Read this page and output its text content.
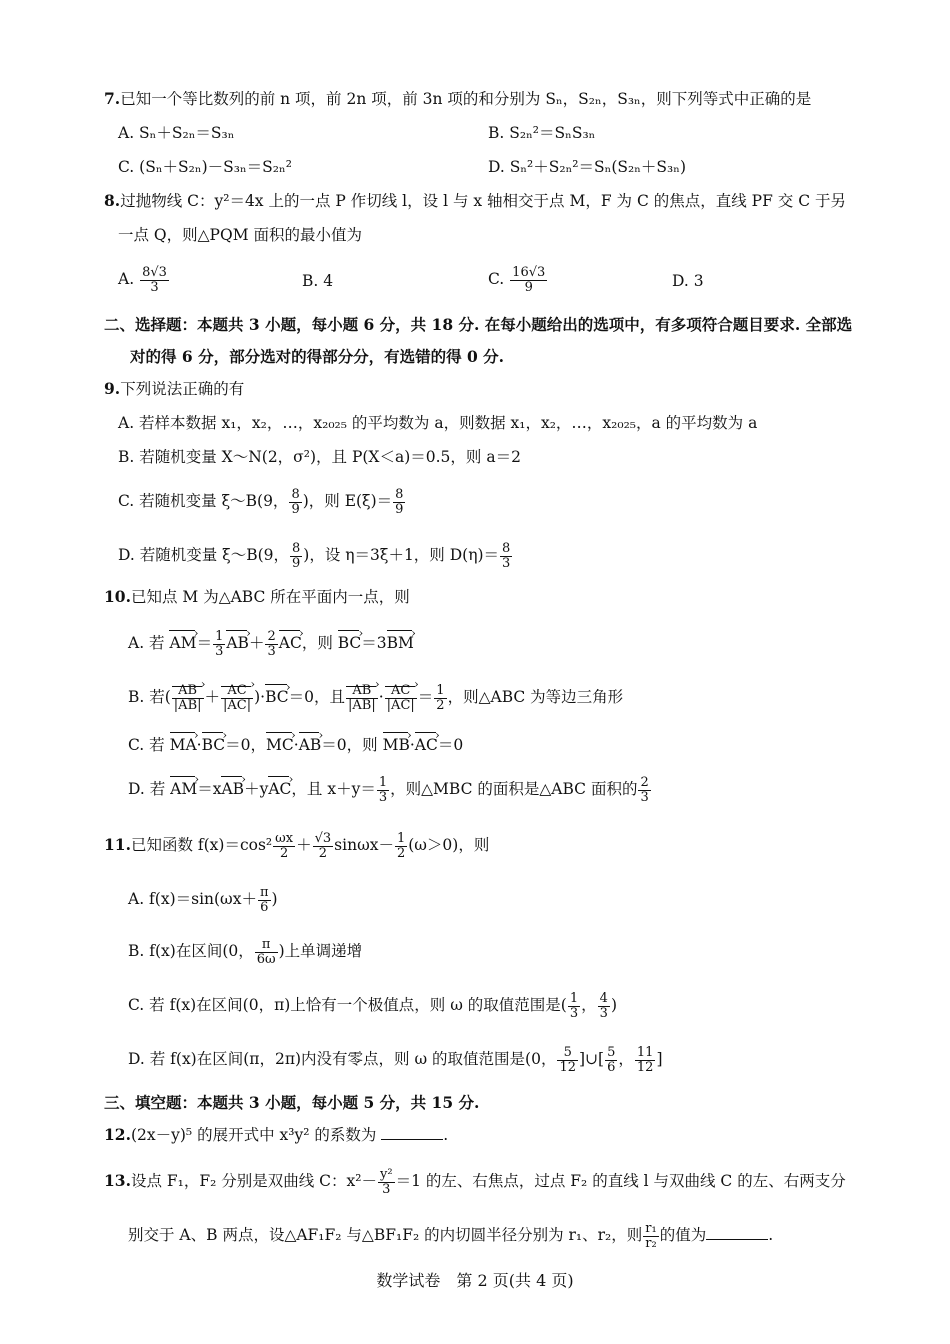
7.已知一个等比数列的前 n 项，前 2n 项，前 3n 项的和分别为 Sₙ，S₂ₙ，S₃ₙ，则下列等式中正确的是
A. Sₙ＋S₂ₙ＝S₃ₙ	B. S₂ₙ²＝SₙS₃ₙ
C. (Sₙ＋S₂ₙ)－S₃ₙ＝S₂ₙ²	D. Sₙ²＋S₂ₙ²＝Sₙ(S₂ₙ＋S₃ₙ)
8.过抛物线 C：y²＝4x 上的一点 P 作切线 l，设 l 与 x 轴相交于点 M，F 为 C 的焦点，直线 PF 交 C 于另
一点 Q，则△PQM 面积的最小值为
A. $\frac{8√3}{3}$	B. 4	C. $\frac{16√3}{9}$	D. 3
二、选择题：本题共 3 小题，每小题 6 分，共 18 分. 在每小题给出的选项中，有多项符合题目要求. 全部选
对的得 6 分，部分选对的得部分分，有选错的得 0 分.
9.下列说法正确的有
A. 若样本数据 x₁，x₂，…，x₂₀₂₅ 的平均数为 a，则数据 x₁，x₂，…，x₂₀₂₅，a 的平均数为 a
B. 若随机变量 X～N(2，σ²)，且 P(X＜a)＝0.5，则 a＝2
C. 若随机变量 ξ～B(9， $\frac{8}{9}$ )，则 $E(\xi)= \frac{8}{9}$
D. 若随机变量 ξ～B(9， $\frac{8}{9}$ )，设 η＝3ξ＋1，则 $D(\eta)= \frac{8}{3}$
10.已知点 M 为△ABC 所在平面内一点，则
A. 若 AM ›＝ $\frac{1}{3}$ AB ›＋ $\frac{2}{3}$ AC ›，则 BC ›＝3BM ›
B. 若( $\frac{AB ›}{|AB|} + \frac{AC ›}{|AC|} )\cdot BC$ ›＝0，且 $\frac{AB ›}{|AB|} \cdot \frac{AC ›}{|AC|} = \frac{1}{2}$ ，则△ABC 为等边三角形
C. 若 MA ›·BC ›＝0，MC ›·AB ›＝0，则 MB ›·AC ›＝0
D. 若 AM ›＝xAB ›＋yAC ›，且 $x+y= \frac{1}{3}$ ，则△MBC 的面积是△ABC 面积的 $\frac{2}{3}$
11.已知函数 $f(x)=\cos^2 \frac{\omega x}{2} + \frac{√3}{2} \sin\omega x- \frac{1}{2} (\omega>0)$，则
A. $f(x)=\sin(\omega x+ \frac{\pi}{6}$ )
B. f(x)在区间(0， $\frac{\pi}{6\omega}$ )上单调递增
C. 若 f(x)在区间(0，π)上恰有一个极值点，则 ω 的取值范围是( $\frac{1}{3}$ ， $\frac{4}{3}$ )
D. 若 f(x)在区间(π，2π)内没有零点，则 ω 的取值范围是(0， $\frac{5}{12}$ ]∪[ $\frac{5}{6}$ ， $\frac{11}{12}$ ]
三、填空题：本题共 3 小题，每小题 5 分，共 15 分.
12.(2x－y)⁵ 的展开式中 x³y² 的系数为	.
13.设点 F₁，F₂ 分别是双曲线 C：$x^2- \frac{\text{y²}}{3} =1$ 的左、右焦点，过点 F₂ 的直线 l 与双曲线 C 的左、右两支分
别交于 A、B 两点，设△AF₁F₂ 与△BF₁F₂ 的内切圆半径分别为 r₁、r₂，则 $\frac{\text{r₁}}{\text{r₂}}$ 的值为	.
数学试卷　第 2 页(共 4 页)
